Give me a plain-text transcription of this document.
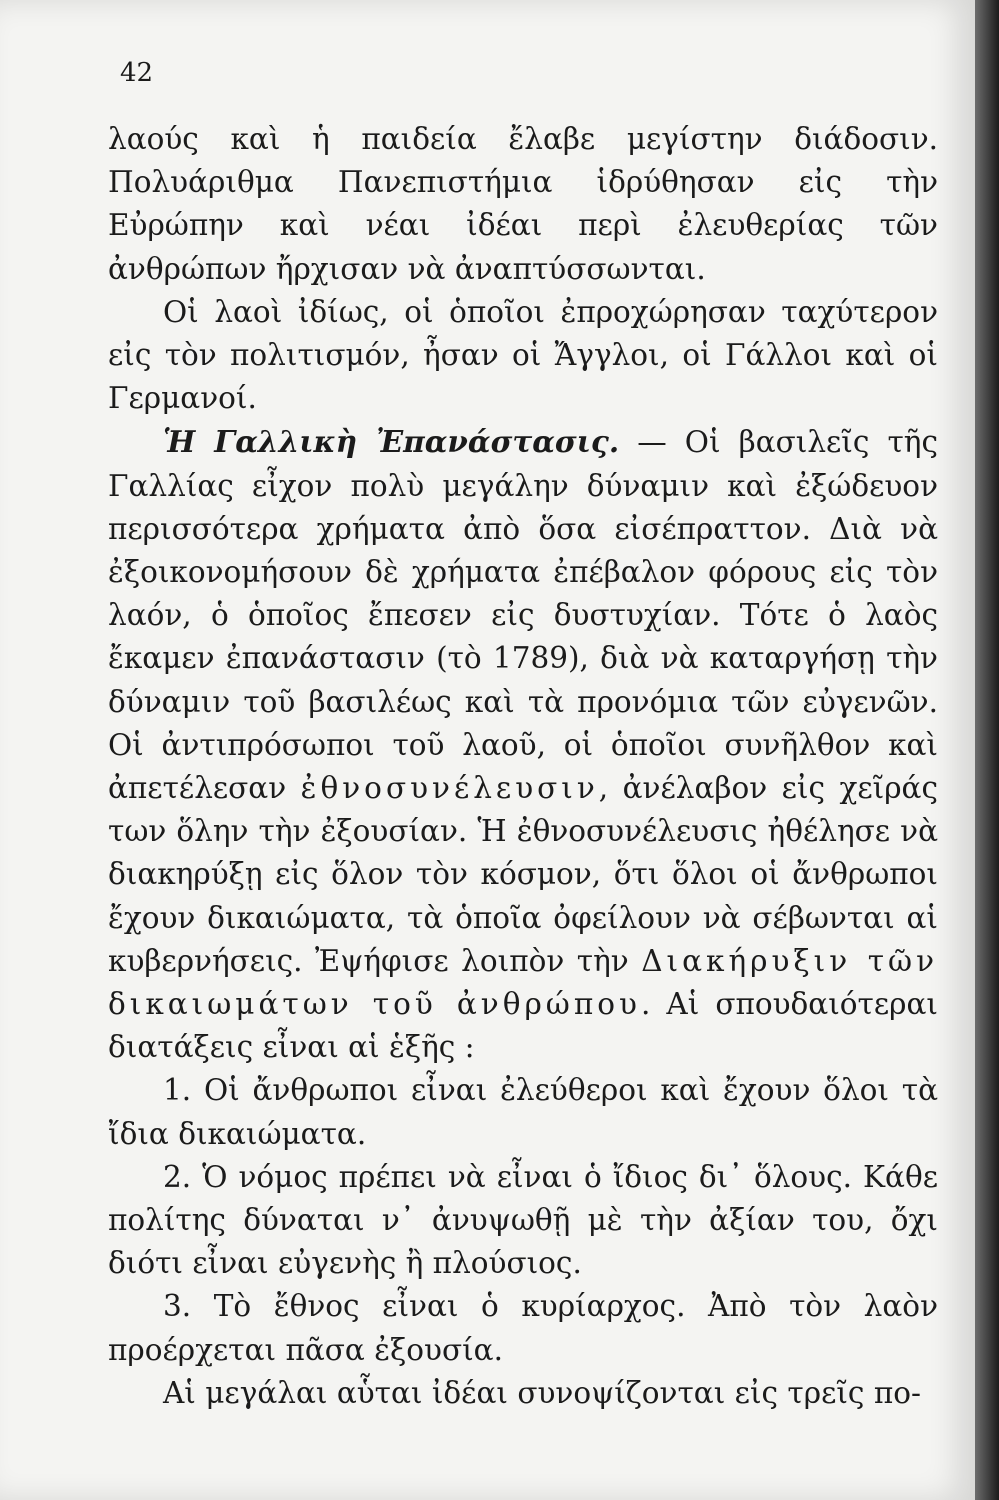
42

λαούς καὶ ἡ παιδεία ἔλαβε μεγίστην διάδοσιν. Πολυάριθμα Πανεπιστήμια ἱδρύθησαν εἰς τὴν Εὐρώπην καὶ νέαι ἰδέαι περὶ ἐλευθερίας τῶν ἀνθρώπων ἤρχισαν νὰ ἀναπτύσσωνται.

Οἱ λαοὶ ἰδίως, οἱ ὁποῖοι ἐπροχώρησαν ταχύτερον εἰς τὸν πολιτισμόν, ἦσαν οἱ Ἄγγλοι, οἱ Γάλλοι καὶ οἱ Γερμανοί.

Ἡ Γαλλικὴ Ἐπανάστασις. — Οἱ βασιλεῖς τῆς Γαλλίας εἶχον πολὺ μεγάλην δύναμιν καὶ ἐξώδευον περισσότερα χρήματα ἀπὸ ὅσα εἰσέπραττον. Διὰ νὰ ἐξοικονομήσουν δὲ χρήματα ἐπέβαλον φόρους εἰς τὸν λαόν, ὁ ὁποῖος ἔπεσεν εἰς δυστυχίαν. Τότε ὁ λαὸς ἔκαμεν ἐπανάστασιν (τὸ 1789), διὰ νὰ καταργήσῃ τὴν δύναμιν τοῦ βασιλέως καὶ τὰ προνόμια τῶν εὐγενῶν. Οἱ ἀντιπρόσωποι τοῦ λαοῦ, οἱ ὁποῖοι συνῆλθον καὶ ἀπετέλεσαν ἐθνοσυνέλευσιν, ἀνέλαβον εἰς χεῖράς των ὅλην τὴν ἐξουσίαν. Ἡ ἐθνοσυνέλευσις ἠθέλησε νὰ διακηρύξῃ εἰς ὅλον τὸν κόσμον, ὅτι ὅλοι οἱ ἄνθρωποι ἔχουν δικαιώματα, τὰ ὁποῖα ὀφείλουν νὰ σέβωνται αἱ κυβερνήσεις. Ἐψήφισε λοιπὸν τὴν Διακήρυξιν τῶν δικαιωμάτων τοῦ ἀνθρώπου. Αἱ σπουδαιότεραι διατάξεις εἶναι αἱ ἑξῆς :

1. Οἱ ἄνθρωποι εἶναι ἐλεύθεροι καὶ ἔχουν ὅλοι τὰ ἴδια δικαιώματα.

2. Ὁ νόμος πρέπει νὰ εἶναι ὁ ἴδιος δι᾽ ὅλους. Κάθε πολίτης δύναται ν᾽ ἀνυψωθῇ μὲ τὴν ἀξίαν του, ὄχι διότι εἶναι εὐγενὴς ἢ πλούσιος.

3. Τὸ ἔθνος εἶναι ὁ κυρίαρχος. Ἀπὸ τὸν λαὸν προέρχεται πᾶσα ἐξουσία.

Αἱ μεγάλαι αὗται ἰδέαι συνοψίζονται εἰς τρεῖς πο-
